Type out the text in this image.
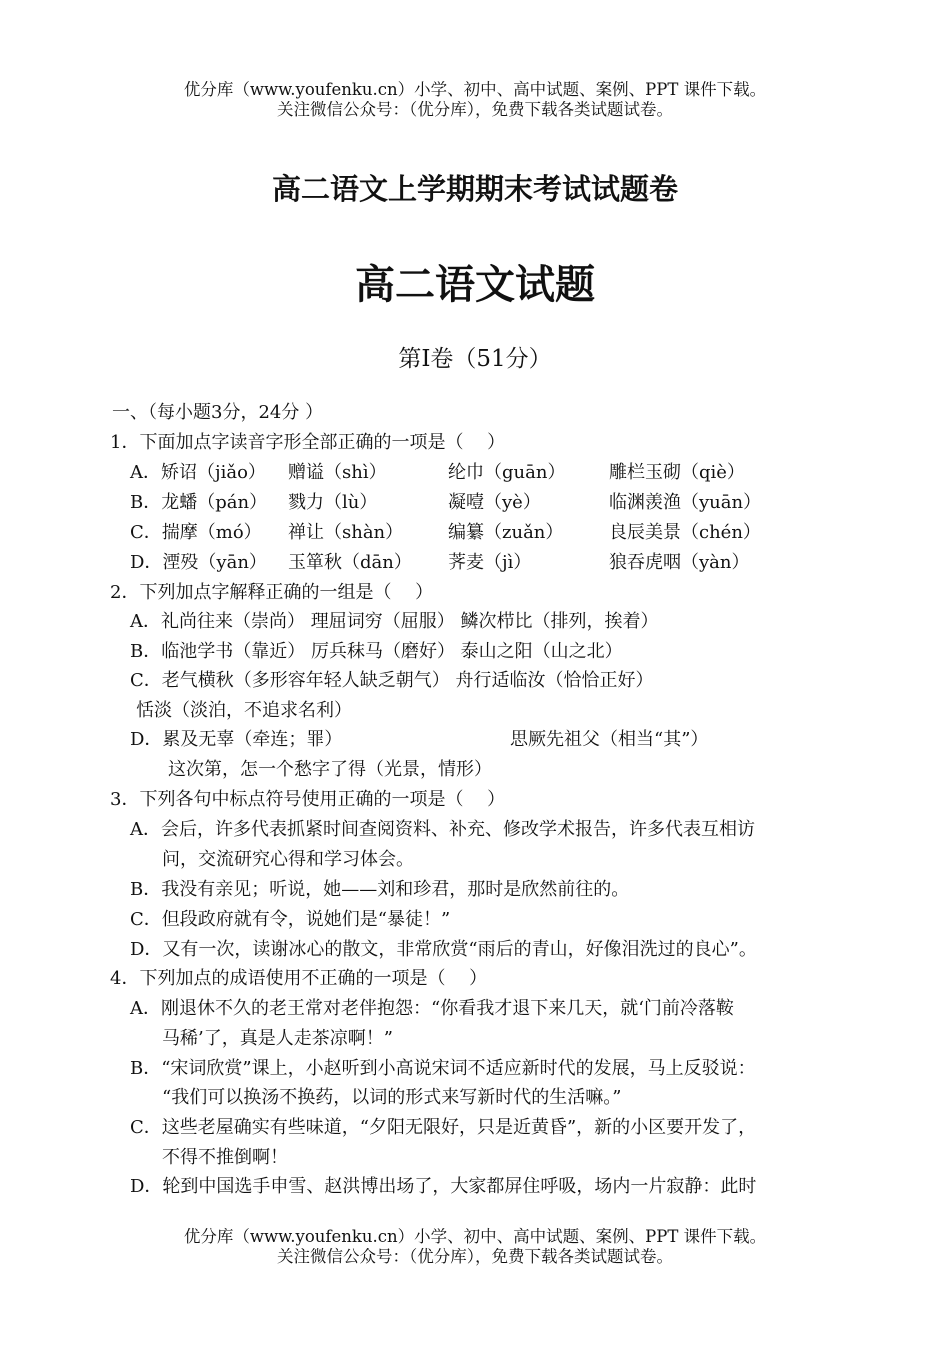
优分库（www.youfenku.cn）小学、初中、高中试题、案例、PPT 课件下载。
关注微信公众号：（优分库），免费下载各类试题试卷。
高二语文上学期期末考试试题卷
高二语文试题
第Ⅰ卷（51分）
一、（每小题3分，24分 ）
1．下面加点字读音字形全部正确的一项是（　 ）
A．矫诏（jiǎo） 赠谥（shì）	纶巾（guān） 雕栏玉砌（qiè）
B．龙蟠（pán） 戮力（lù）	凝噎（yè）	临渊羡渔（yuān）
C．揣摩（mó） 禅让（shàn） 编纂（zuǎn）	良辰美景（chén）
D．湮殁（yān） 玉箪秋（dān） 荠麦（jì）	狼吞虎咽（yàn）
2．下列加点字解释正确的一组是（　 ）
A．礼尚往来（崇尚） 理屈词穷（屈服） 鳞次栉比（排列，挨着）
B．临池学书（靠近） 厉兵秣马（磨好） 泰山之阳（山之北）
C．老气横秋（多形容年轻人缺乏朝气） 舟行适临汝（恰恰正好）
恬淡（淡泊，不追求名利）
D．累及无辜（牵连；罪）	思厥先祖父（相当“其”）
这次第，怎一个愁字了得（光景，情形）
3．下列各句中标点符号使用正确的一项是（　 ）
A．会后，许多代表抓紧时间查阅资料、补充、修改学术报告，许多代表互相访
问，交流研究心得和学习体会。
B．我没有亲见；听说，她——刘和珍君，那时是欣然前往的。
C．但段政府就有令，说她们是“暴徒！”
D．又有一次，读谢冰心的散文，非常欣赏“雨后的青山，好像泪洗过的良心”。
4．下列加点的成语使用不正确的一项是（　 ）
A．刚退休不久的老王常对老伴抱怨：“你看我才退下来几天，就‘门前冷落鞍
马稀’了，真是人走茶凉啊！”
B．“宋词欣赏”课上，小赵听到小高说宋词不适应新时代的发展，马上反驳说：
“我们可以换汤不换药，以词的形式来写新时代的生活嘛。”
C．这些老屋确实有些味道，“夕阳无限好，只是近黄昏”，新的小区要开发了，
不得不推倒啊！
D．轮到中国选手申雪、赵洪博出场了，大家都屏住呼吸，场内一片寂静：此时
优分库（www.youfenku.cn）小学、初中、高中试题、案例、PPT 课件下载。
关注微信公众号：（优分库），免费下载各类试题试卷。
